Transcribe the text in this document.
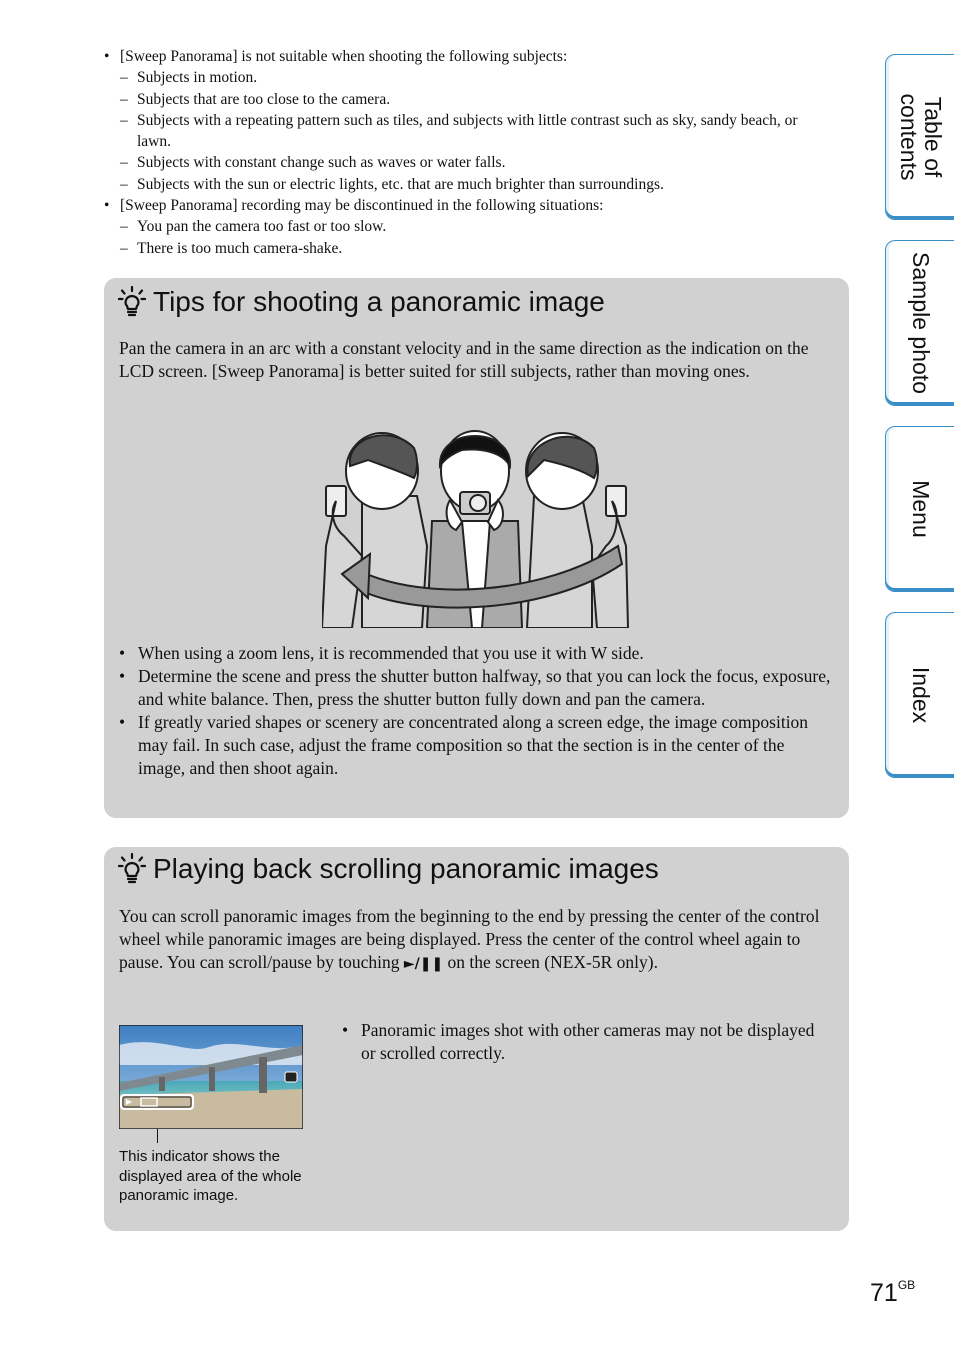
• [Sweep Panorama] is not suitable when shooting the following subjects:
– Subjects in motion.
– Subjects that are too close to the camera.
– Subjects with a repeating pattern such as tiles, and subjects with little contrast such as sky, sandy beach, or lawn.
– Subjects with constant change such as waves or water falls.
– Subjects with the sun or electric lights, etc. that are much brighter than surroundings.
• [Sweep Panorama] recording may be discontinued in the following situations:
– You pan the camera too fast or too slow.
– There is too much camera-shake.
Tips for shooting a panoramic image
Pan the camera in an arc with a constant velocity and in the same direction as the indication on the LCD screen. [Sweep Panorama] is better suited for still subjects, rather than moving ones.
• When using a zoom lens, it is recommended that you use it with W side.
• Determine the scene and press the shutter button halfway, so that you can lock the focus, exposure, and white balance. Then, press the shutter button fully down and pan the camera.
• If greatly varied shapes or scenery are concentrated along a screen edge, the image composition may fail. In such case, adjust the frame composition so that the section is in the center of the image, and then shoot again.
Playing back scrolling panoramic images
You can scroll panoramic images from the beginning to the end by pressing the center of the control wheel while panoramic images are being displayed. Press the center of the control wheel again to pause. You can scroll/pause by touching ►/❚❚ on the screen (NEX-5R only).
This indicator shows the displayed area of the whole panoramic image.
• Panoramic images shot with other cameras may not be displayed or scrolled correctly.
Table of
contents
Sample photo
Menu
Index
$71^{GB}$
